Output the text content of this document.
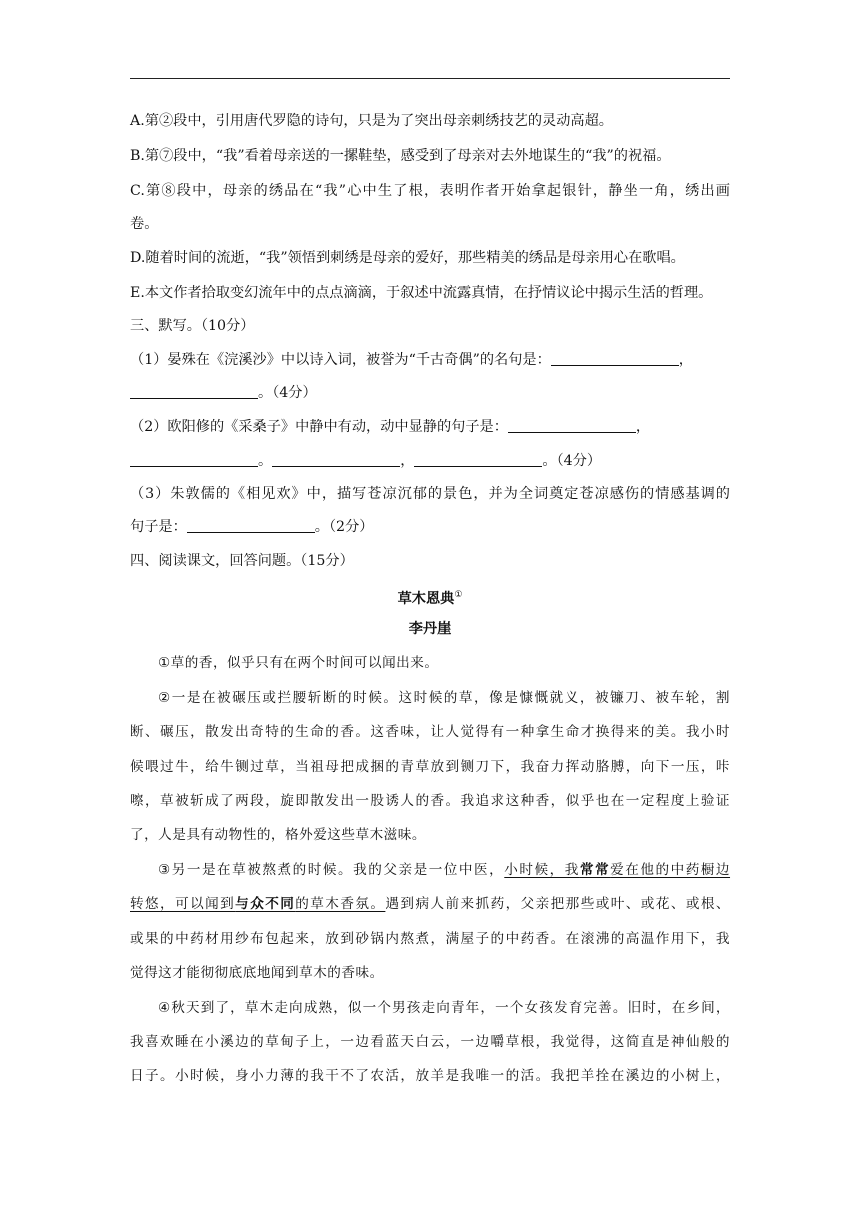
A.第②段中，引用唐代罗隐的诗句，只是为了突出母亲刺绣技艺的灵动高超。
B.第⑦段中，“我”看着母亲送的一摞鞋垫，感受到了母亲对去外地谋生的“我”的祝福。
C.第⑧段中，母亲的绣品在“我”心中生了根，表明作者开始拿起银针，静坐一角，绣出画
卷。
D.随着时间的流逝，“我”领悟到刺绣是母亲的爱好，那些精美的绣品是母亲用心在歌唱。
E.本文作者拾取变幻流年中的点点滴滴，于叙述中流露真情，在抒情议论中揭示生活的哲理。
三、默写。（10分）
（1）晏殊在《浣溪沙》中以诗入词，被誉为“千古奇偶”的名句是：	，
。（4分）
（2）欧阳修的《采桑子》中静中有动，动中显静的句子是：	，
。	，	。（4分）
（3）朱敦儒的《相见欢》中，描写苍凉沉郁的景色，并为全词奠定苍凉感伤的情感基调的
句子是：	。（2分）
四、阅读课文，回答问题。（15分）
草木恩典①
李丹崖
①草的香，似乎只有在两个时间可以闻出来。
②一是在被碾压或拦腰斩断的时候。这时候的草，像是慷慨就义，被镰刀、被车轮，割
断、碾压，散发出奇特的生命的香。这香味，让人觉得有一种拿生命才换得来的美。我小时
候喂过牛，给牛铡过草，当祖母把成捆的青草放到铡刀下，我奋力挥动胳膊，向下一压，咔
嚓，草被斩成了两段，旋即散发出一股诱人的香。我追求这种香，似乎也在一定程度上验证
了，人是具有动物性的，格外爱这些草木滋味。
③另一是在草被熬煮的时候。我的父亲是一位中医，小时候，我常常爱在他的中药橱边
转悠，可以闻到与众不同的草木香氛。遇到病人前来抓药，父亲把那些或叶、或花、或根、
或果的中药材用纱布包起来，放到砂锅内熬煮，满屋子的中药香。在滚沸的高温作用下，我
觉得这才能彻彻底底地闻到草木的香味。
④秋天到了，草木走向成熟，似一个男孩走向青年，一个女孩发育完善。旧时，在乡间，
我喜欢睡在小溪边的草甸子上，一边看蓝天白云，一边嚼草根，我觉得，这简直是神仙般的
日子。小时候，身小力薄的我干不了农活，放羊是我唯一的活。我把羊拴在溪边的小树上，
